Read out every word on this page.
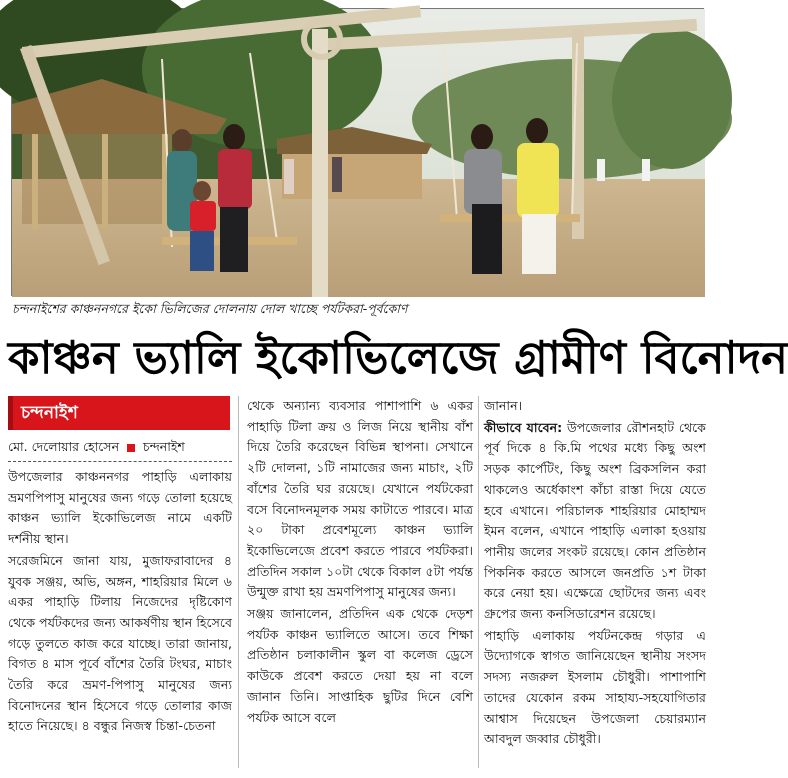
চন্দনাইশের কাঞ্চননগরে ইকো ভিলিজের দোলনায় দোল খাচ্ছে পর্যটকরা-পূর্বকোণ
কাঞ্চন ভ্যালি ইকোভিলেজে গ্রামীণ বিনোদন
চন্দনাইশ
মো. দেলোয়ার হোসেন চন্দনাইশ

উপজেলার কাঞ্চননগর পাহাড়ি এলাকায় ভ্রমণপিপাসু মানুষের জন্য গড়ে তোলা হয়েছে কাঞ্চন ভ্যালি ইকোভিলেজ নামে একটি দর্শনীয় স্থান।

সরেজমিনে জানা যায়, মুজাফরাবাদের ৪ যুবক সঞ্জয়, অভি, অঙ্গন, শাহরিয়ার মিলে ৬ একর পাহাড়ি টিলায় নিজেদের দৃষ্টিকোণ থেকে পর্যটকদের জন্য আকর্ষণীয় স্থান হিসেবে গড়ে তুলতে কাজ করে যাচ্ছে। তারা জানায়, বিগত ৪ মাস পূর্বে বাঁশের তৈরি টংঘর, মাচাং তৈরি করে ভ্রমণ-পিপাসু মানুষের জন্য বিনোদনের স্থান হিসেবে গড়ে তোলার কাজ হাতে নিয়েছে। ৪ বন্ধুর নিজস্ব চিন্তা-চেতনা

থেকে অন্যান্য ব্যবসার পাশাপাশি ৬ একর পাহাড়ি টিলা ক্রয় ও লিজ নিয়ে স্থানীয় বাঁশ দিয়ে তৈরি করেছেন বিভিন্ন স্থাপনা। সেখানে ২টি দোলনা, ১টি নামাজের জন্য মাচাং, ২টি বাঁশের তৈরি ঘর রয়েছে। যেখানে পর্যটকেরা বসে বিনোদনমূলক সময় কাটাতে পারবে। মাত্র ২০ টাকা প্রবেশমূল্যে কাঞ্চন ভ্যালি ইকোভিলেজে প্রবেশ করতে পারবে পর্যটকরা। প্রতিদিন সকাল ১০টা থেকে বিকাল ৫টা পর্যন্ত উন্মুক্ত রাখা হয় ভ্রমণপিপাসু মানুষের জন্য।

সঞ্জয় জানালেন, প্রতিদিন এক থেকে দেড়শ পর্যটক কাঞ্চন ভ্যালিতে আসে। তবে শিক্ষা প্রতিষ্ঠান চলাকালীন স্কুল বা কলেজ ড্রেসে কাউকে প্রবেশ করতে দেয়া হয় না বলে জানান তিনি। সাপ্তাহিক ছুটির দিনে বেশি পর্যটক আসে বলে

জানান।

কীভাবে যাবেন: উপজেলার রৌশনহাট থেকে পূর্ব দিকে ৪ কি.মি পথের মধ্যে কিছু অংশ সড়ক কার্পেটিং, কিছু অংশ ব্রিকসলিন করা থাকলেও অর্ধেকাংশ কাঁচা রাস্তা দিয়ে যেতে হবে এখানে। পরিচালক শাহরিয়ার মোহাম্মদ ইমন বলেন, এখানে পাহাড়ি এলাকা হওয়ায় পানীয় জলের সংকট রয়েছে। কোন প্রতিষ্ঠান পিকনিক করতে আসলে জনপ্রতি ১শ টাকা করে নেয়া হয়। এক্ষেত্রে ছোটদের জন্য এবং গ্রুপের জন্য কনসিডারেশন রয়েছে।

পাহাড়ি এলাকায় পর্যটনকেন্দ্র গড়ার এ উদ্যোগকে স্বাগত জানিয়েছেন স্থানীয় সংসদ সদস্য নজরুল ইসলাম চৌধুরী। পাশাপাশি তাদের যেকোন রকম সাহায্য-সহযোগিতার আশ্বাস দিয়েছেন উপজেলা চেয়ারম্যান আবদুল জব্বার চৌধুরী।
